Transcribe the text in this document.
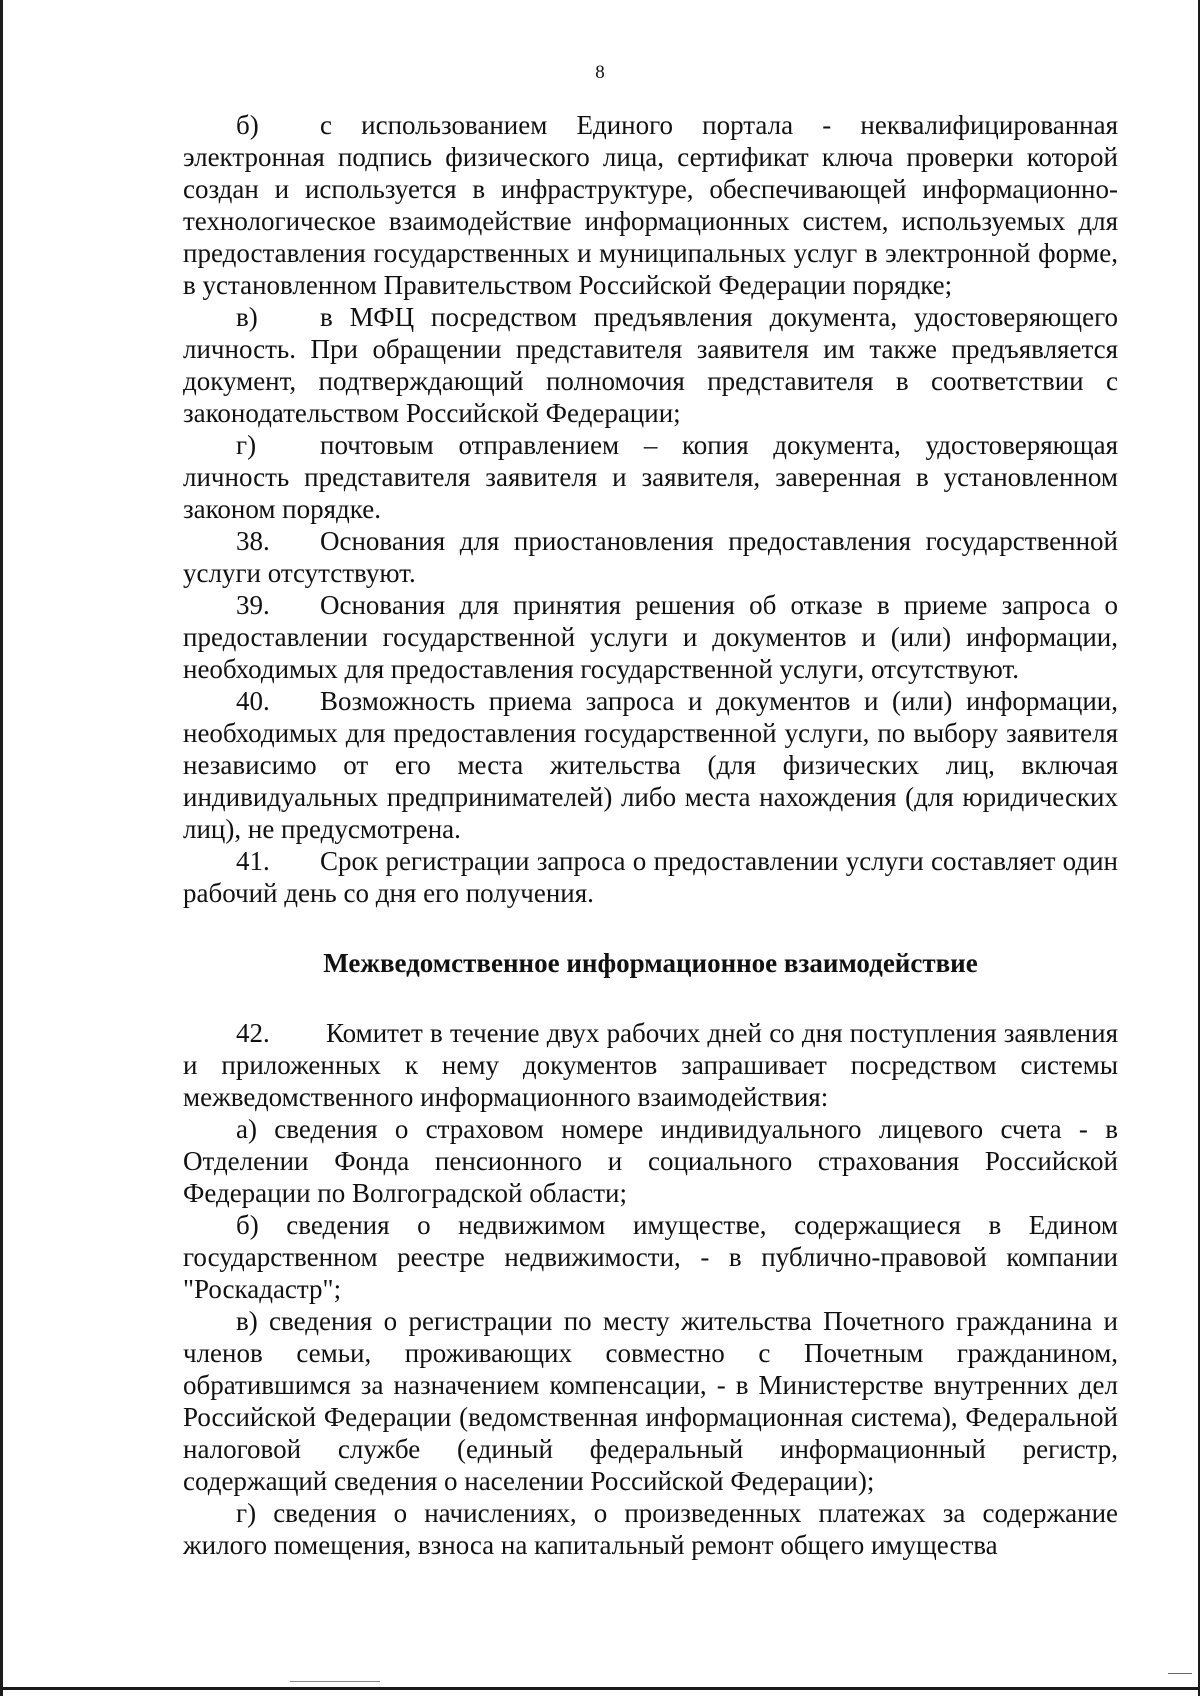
8

б) с использованием Единого портала - неквалифицированная электронная подпись физического лица, сертификат ключа проверки которой создан и используется в инфраструктуре, обеспечивающей информационно-технологическое взаимодействие информационных систем, используемых для предоставления государственных и муниципальных услуг в электронной форме, в установленном Правительством Российской Федерации порядке;

в) в МФЦ посредством предъявления документа, удостоверяющего личность. При обращении представителя заявителя им также предъявляется документ, подтверждающий полномочия представителя в соответствии с законодательством Российской Федерации;

г) почтовым отправлением – копия документа, удостоверяющая личность представителя заявителя и заявителя, заверенная в установленном законом порядке.

38. Основания для приостановления предоставления государственной услуги отсутствуют.

39. Основания для принятия решения об отказе в приеме запроса о предоставлении государственной услуги и документов и (или) информации, необходимых для предоставления государственной услуги, отсутствуют.

40. Возможность приема запроса и документов и (или) информации, необходимых для предоставления государственной услуги, по выбору заявителя независимо от его места жительства (для физических лиц, включая индивидуальных предпринимателей) либо места нахождения (для юридических лиц), не предусмотрена.

41. Срок регистрации запроса о предоставлении услуги составляет один рабочий день со дня его получения.

Межведомственное информационное взаимодействие

42. Комитет в течение двух рабочих дней со дня поступления заявления и приложенных к нему документов запрашивает посредством системы межведомственного информационного взаимодействия:

а) сведения о страховом номере индивидуального лицевого счета - в Отделении Фонда пенсионного и социального страхования Российской Федерации по Волгоградской области;

б) сведения о недвижимом имуществе, содержащиеся в Едином государственном реестре недвижимости, - в публично-правовой компании "Роскадастр";

в) сведения о регистрации по месту жительства Почетного гражданина и членов семьи, проживающих совместно с Почетным гражданином, обратившимся за назначением компенсации, - в Министерстве внутренних дел Российской Федерации (ведомственная информационная система), Федеральной налоговой службе (единый федеральный информационный регистр, содержащий сведения о населении Российской Федерации);

г) сведения о начислениях, о произведенных платежах за содержание жилого помещения, взноса на капитальный ремонт общего имущества
